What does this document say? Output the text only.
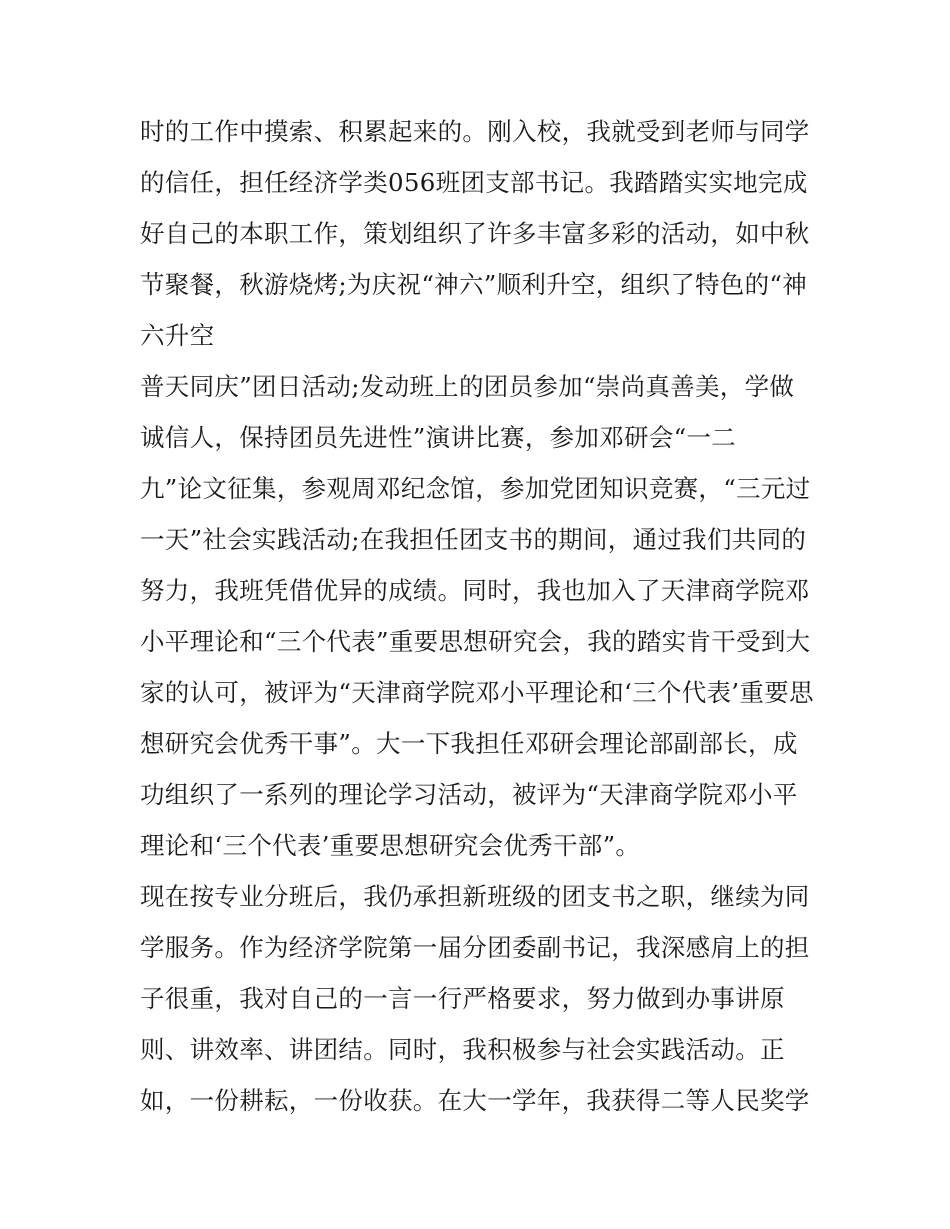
时的工作中摸索、积累起来的。刚入校，我就受到老师与同学
的信任，担任经济学类056班团支部书记。我踏踏实实地完成
好自己的本职工作，策划组织了许多丰富多彩的活动，如中秋
节聚餐，秋游烧烤;为庆祝“神六”顺利升空，组织了特色的“神
六升空
普天同庆”团日活动;发动班上的团员参加“崇尚真善美，学做
诚信人，保持团员先进性”演讲比赛，参加邓研会“一二
九”论文征集，参观周邓纪念馆，参加党团知识竞赛，“三元过
一天”社会实践活动;在我担任团支书的期间，通过我们共同的
努力，我班凭借优异的成绩。同时，我也加入了天津商学院邓
小平理论和“三个代表”重要思想研究会，我的踏实肯干受到大
家的认可，被评为“天津商学院邓小平理论和‘三个代表’重要思
想研究会优秀干事”。大一下我担任邓研会理论部副部长，成
功组织了一系列的理论学习活动，被评为“天津商学院邓小平
理论和‘三个代表’重要思想研究会优秀干部”。
现在按专业分班后，我仍承担新班级的团支书之职，继续为同
学服务。作为经济学院第一届分团委副书记，我深感肩上的担
子很重，我对自己的一言一行严格要求，努力做到办事讲原
则、讲效率、讲团结。同时，我积极参与社会实践活动。正
如，一份耕耘，一份收获。在大一学年，我获得二等人民奖学
